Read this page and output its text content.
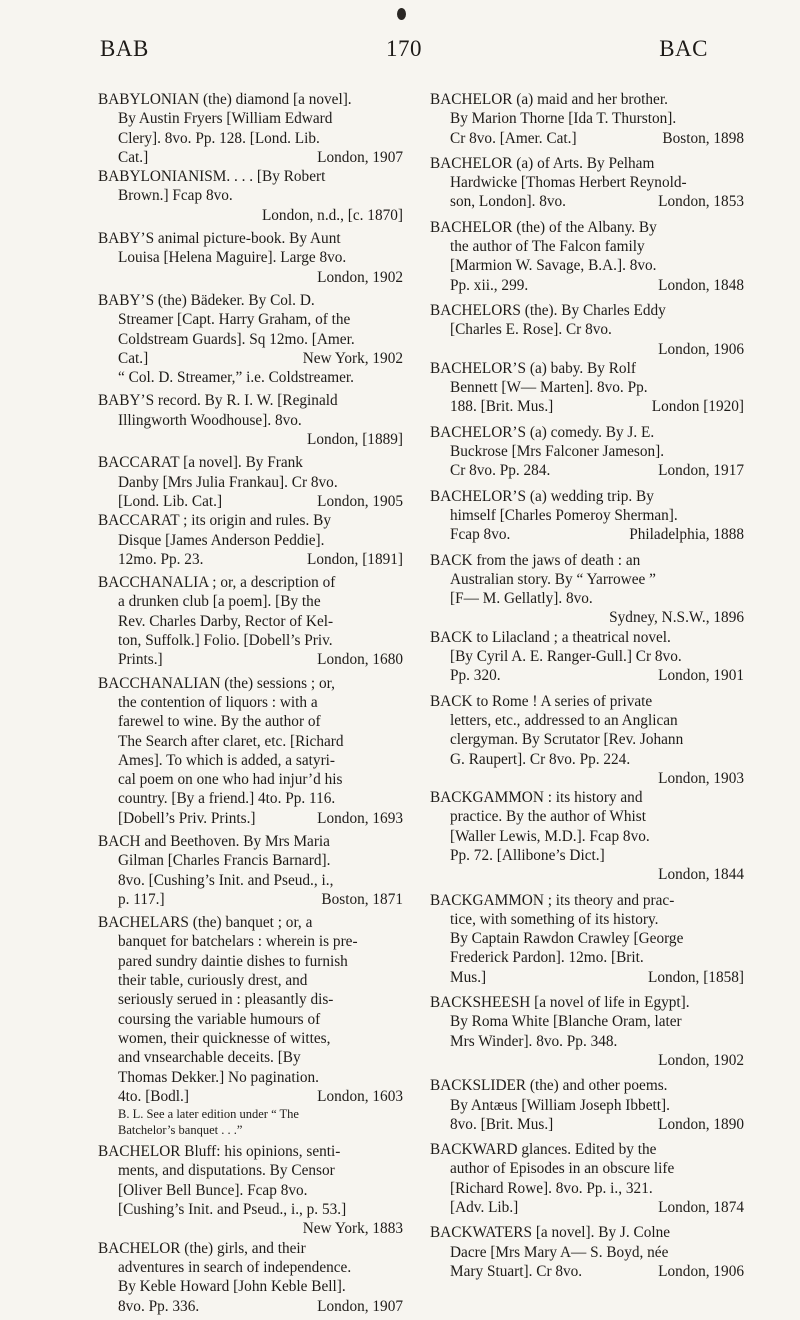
BAB	170	BAC
BABYLONIAN (the) diamond [a novel].
By Austin Fryers [William Edward
Clery]. 8vo. Pp. 128. [Lond. Lib.
Cat.]	London, 1907
BABYLONIANISM. . . . [By Robert
Brown.] Fcap 8vo.
London, n.d., [c. 1870]
BABY’S animal picture-book. By Aunt
Louisa [Helena Maguire]. Large 8vo.
London, 1902
BABY’S (the) Bädeker. By Col. D.
Streamer [Capt. Harry Graham, of the
Coldstream Guards]. Sq 12mo. [Amer.
Cat.]	New York, 1902
“ Col. D. Streamer,” i.e. Coldstreamer.
BABY’S record. By R. I. W. [Reginald
Illingworth Woodhouse]. 8vo.
London, [1889]
BACCARAT [a novel]. By Frank
Danby [Mrs Julia Frankau]. Cr 8vo.
[Lond. Lib. Cat.]	London, 1905
BACCARAT ; its origin and rules. By
Disque [James Anderson Peddie].
12mo. Pp. 23.	London, [1891]
BACCHANALIA ; or, a description of
a drunken club [a poem]. [By the
Rev. Charles Darby, Rector of Kel-
ton, Suffolk.] Folio. [Dobell’s Priv.
Prints.]	London, 1680
BACCHANALIAN (the) sessions ; or,
the contention of liquors : with a
farewel to wine. By the author of
The Search after claret, etc. [Richard
Ames]. To which is added, a satyri-
cal poem on one who had injur’d his
country. [By a friend.] 4to. Pp. 116.
[Dobell’s Priv. Prints.]	London, 1693
BACH and Beethoven. By Mrs Maria
Gilman [Charles Francis Barnard].
8vo. [Cushing’s Init. and Pseud., i.,
p. 117.]	Boston, 1871
BACHELARS (the) banquet ; or, a
banquet for batchelars : wherein is pre-
pared sundry daintie dishes to furnish
their table, curiously drest, and
seriously serued in : pleasantly dis-
coursing the variable humours of
women, their quicknesse of wittes,
and vnsearchable deceits. [By
Thomas Dekker.] No pagination.
4to. [Bodl.]	London, 1603
B. L. See a later edition under “ The
Batchelor’s banquet . . .”
BACHELOR Bluff: his opinions, senti-
ments, and disputations. By Censor
[Oliver Bell Bunce]. Fcap 8vo.
[Cushing’s Init. and Pseud., i., p. 53.]
New York, 1883
BACHELOR (the) girls, and their
adventures in search of independence.
By Keble Howard [John Keble Bell].
8vo. Pp. 336.	London, 1907
BACHELOR (a) maid and her brother.
By Marion Thorne [Ida T. Thurston].
Cr 8vo. [Amer. Cat.]	Boston, 1898
BACHELOR (a) of Arts. By Pelham
Hardwicke [Thomas Herbert Reynold-
son, London]. 8vo.	London, 1853
BACHELOR (the) of the Albany. By
the author of The Falcon family
[Marmion W. Savage, B.A.]. 8vo.
Pp. xii., 299.	London, 1848
BACHELORS (the). By Charles Eddy
[Charles E. Rose]. Cr 8vo.
London, 1906
BACHELOR’S (a) baby. By Rolf
Bennett [W— Marten]. 8vo. Pp.
188. [Brit. Mus.]	London [1920]
BACHELOR’S (a) comedy. By J. E.
Buckrose [Mrs Falconer Jameson].
Cr 8vo. Pp. 284.	London, 1917
BACHELOR’S (a) wedding trip. By
himself [Charles Pomeroy Sherman].
Fcap 8vo.	Philadelphia, 1888
BACK from the jaws of death : an
Australian story. By “ Yarrowee ”
[F— M. Gellatly]. 8vo.
Sydney, N.S.W., 1896
BACK to Lilacland ; a theatrical novel.
[By Cyril A. E. Ranger-Gull.] Cr 8vo.
Pp. 320.	London, 1901
BACK to Rome ! A series of private
letters, etc., addressed to an Anglican
clergyman. By Scrutator [Rev. Johann
G. Raupert]. Cr 8vo. Pp. 224.
London, 1903
BACKGAMMON : its history and
practice. By the author of Whist
[Waller Lewis, M.D.]. Fcap 8vo.
Pp. 72. [Allibone’s Dict.]
London, 1844
BACKGAMMON ; its theory and prac-
tice, with something of its history.
By Captain Rawdon Crawley [George
Frederick Pardon]. 12mo. [Brit.
Mus.]	London, [1858]
BACKSHEESH [a novel of life in Egypt].
By Roma White [Blanche Oram, later
Mrs Winder]. 8vo. Pp. 348.
London, 1902
BACKSLIDER (the) and other poems.
By Antæus [William Joseph Ibbett].
8vo. [Brit. Mus.]	London, 1890
BACKWARD glances. Edited by the
author of Episodes in an obscure life
[Richard Rowe]. 8vo. Pp. i., 321.
[Adv. Lib.]	London, 1874
BACKWATERS [a novel]. By J. Colne
Dacre [Mrs Mary A— S. Boyd, née
Mary Stuart]. Cr 8vo.	London, 1906
